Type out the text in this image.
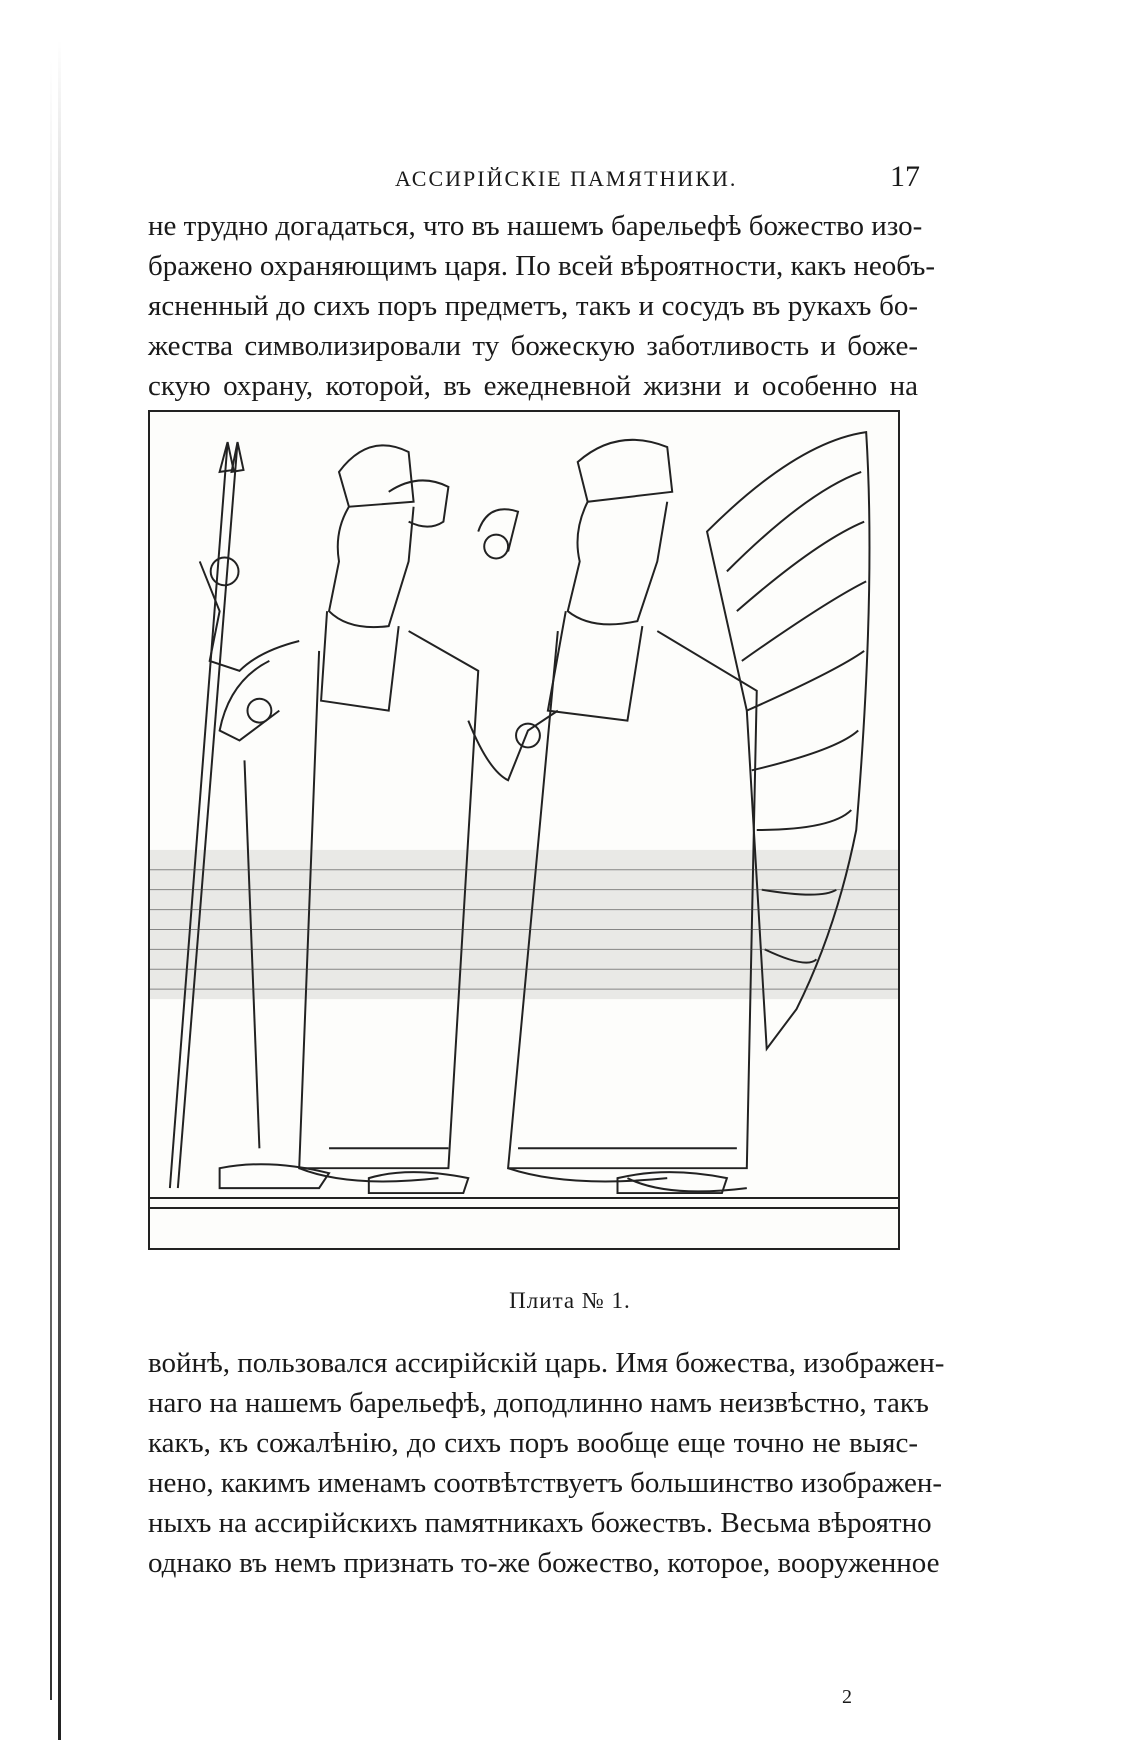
АССИРІЙСКІЕ ПАМЯТНИКИ.	17
не трудно догадаться, что въ нашемъ барельефѣ божество изо-
бражено охраняющимъ царя. По всей вѣроятности, какъ необъ-
ясненный до сихъ поръ предметъ, такъ и сосудъ въ рукахъ бо-
жества символизировали ту божескую заботливость и боже-
скую охрану, которой, въ ежедневной жизни и особенно на
Плита № 1.
войнѣ, пользовался ассирійскій царь. Имя божества, изображен-
наго на нашемъ барельефѣ, доподлинно намъ неизвѣстно, такъ
какъ, къ сожалѣнію, до сихъ поръ вообще еще точно не выяс-
нено, какимъ именамъ соотвѣтствуетъ большинство изображен-
ныхъ на ассирійскихъ памятникахъ божествъ. Весьма вѣроятно
однако въ немъ признать то-же божество, которое, вооруженное
2
